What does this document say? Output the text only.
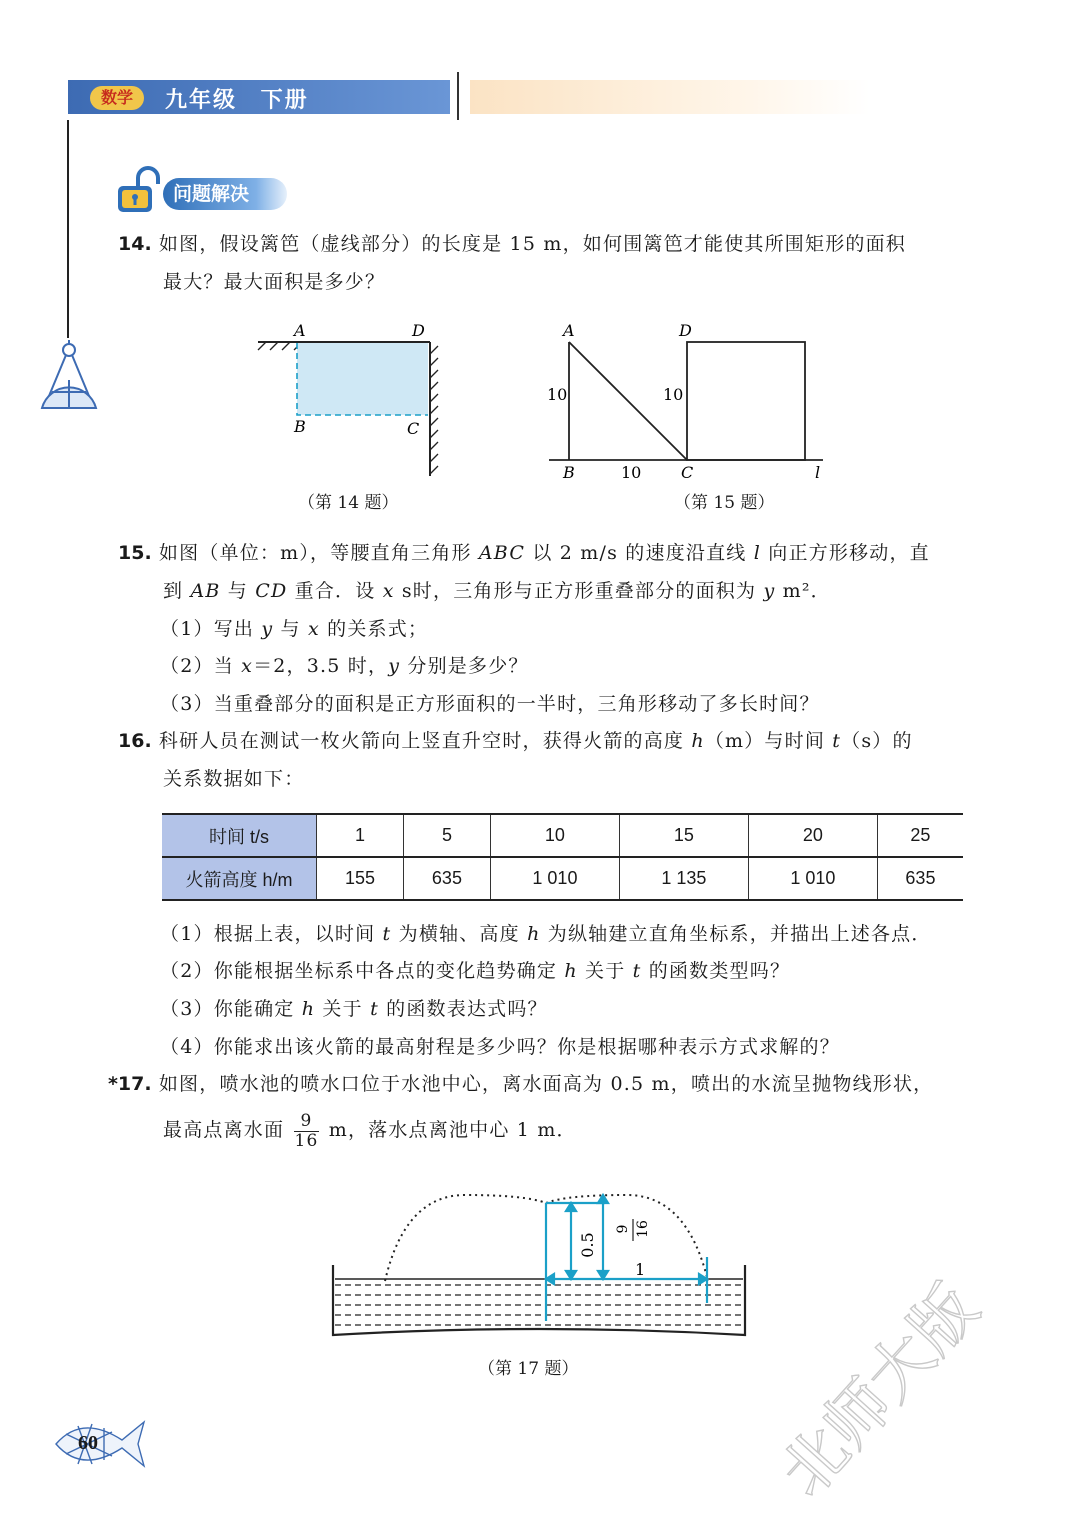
数学	九年级 下册
问题解决
14. 如图，假设篱笆（虚线部分）的长度是 15 m，如何围篱笆才能使其所围矩形的面积
最大？最大面积是多少？
A	D
B	C
（第 14 题）
A	D
B	C	l
10
10
10
（第 15 题）
15. 如图（单位：m），等腰直角三角形 ABC 以 2 m/s 的速度沿直线 l 向正方形移动，直
到 AB 与 CD 重合．设 x s时，三角形与正方形重叠部分的面积为 y m²．
（1）写出 y 与 x 的关系式；
（2）当 x＝2，3.5 时，y 分别是多少？
（3）当重叠部分的面积是正方形面积的一半时，三角形移动了多长时间？
16. 科研人员在测试一枚火箭向上竖直升空时，获得火箭的高度 h（m）与时间 t（s）的
关系数据如下：
时间 t/s	1	5	10	15	20	25
火箭高度 h/m	155	635	1 010	1 135	1 010	635
（1）根据上表，以时间 t 为横轴、高度 h 为纵轴建立直角坐标系，并描出上述各点．
（2）你能根据坐标系中各点的变化趋势确定 h 关于 t 的函数类型吗？
（3）你能确定 h 关于 t 的函数表达式吗？
（4）你能求出该火箭的最高射程是多少吗？你是根据哪种表示方式求解的？
*17. 如图，喷水池的喷水口位于水池中心，离水面高为 0.5 m，喷出的水流呈抛物线形状，
最高点离水面 $\frac{9}{16}$ m，落水点离池中心 1 m．
0.5
9 16
1
（第 17 题）	北师大版
60
